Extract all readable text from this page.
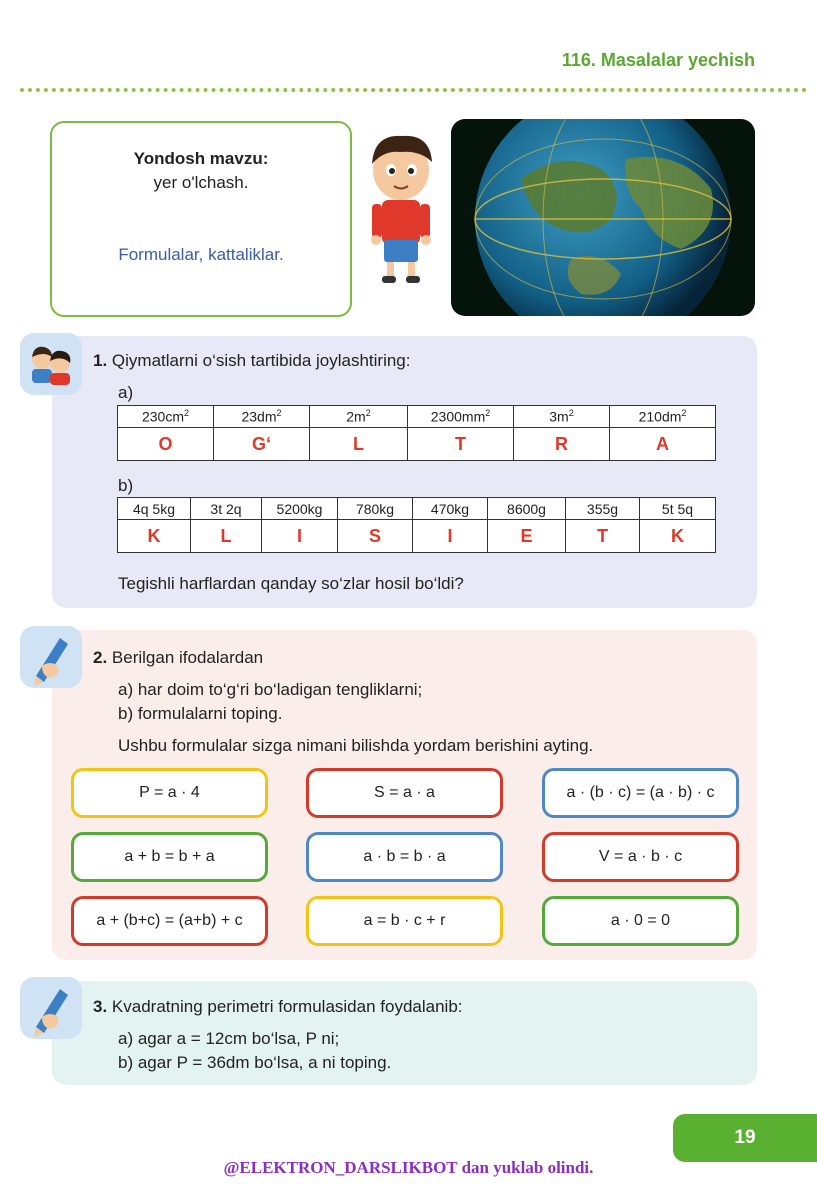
116. Masalalar yechish
Yondosh mavzu:
yer o'lchash.
Formulalar, kattaliklar.
1. Qiymatlarni o‘sish tartibida joylashtiring:
a)
$230cm^2$	$23dm^2$	$2m^2$	$2300mm^2$	$3m^2$	$210dm^2$
O	G‘	L	T	R	A
b)
4q 5kg	3t 2q	5200kg	780kg	470kg	8600g	355g	5t 5q
K	L	I	S	I	E	T	K
Tegishli harflardan qanday so‘zlar hosil bo‘ldi?
2. Berilgan ifodalardan
a) har doim to‘g‘ri bo‘ladigan tengliklarni;
b) formulalarni toping.
Ushbu formulalar sizga nimani bilishda yordam berishini ayting.
P = a · 4	S = a · a	a · (b · c) = (a · b) · c
a + b = b + a	a · b = b · a	V = a · b · c
a + (b+c) = (a+b) + c	a = b · c + r	a · 0 = 0
3. Kvadratning perimetri formulasidan foydalanib:
a) agar a = 12cm bo‘lsa, P ni;
b) agar P = 36dm bo‘lsa, a ni toping.
19
@ELEKTRON_DARSLIKBOT dan yuklab olindi.
